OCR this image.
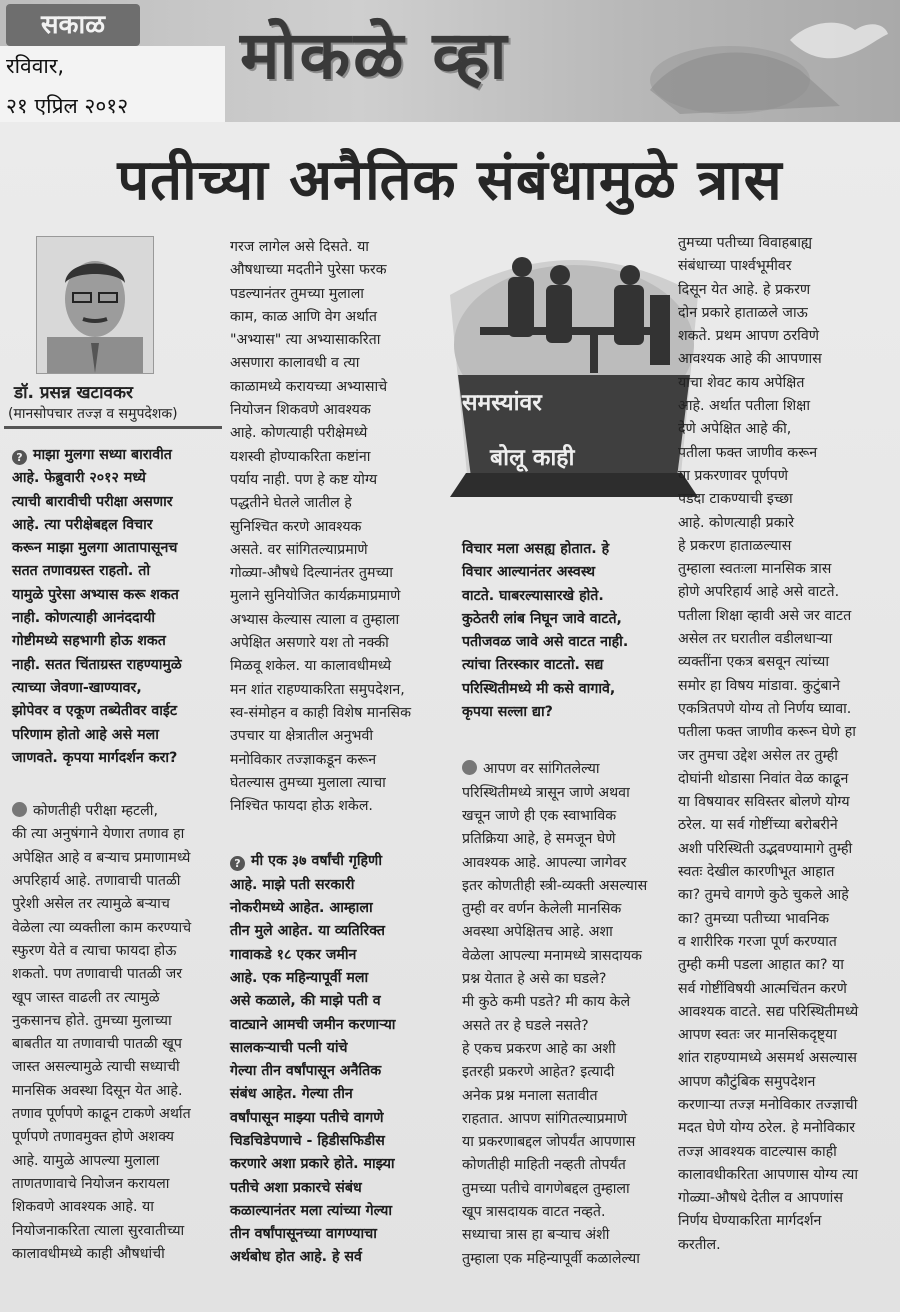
सकाळ	मोकळे व्हा
रविवार,
२१ एप्रिल २०१२
पतीच्या अनैतिक संबंधामुळे त्रास
डॉ. प्रसन्न खटावकर
(मानसोपचार तज्ज्ञ व समुपदेशक)
? माझा मुलगा सध्या बारावीत
आहे. फेब्रुवारी २०१२ मध्ये
त्याची बारावीची परीक्षा असणार
आहे. त्या परीक्षेबद्दल विचार
करून माझा मुलगा आतापासूनच
सतत तणावग्रस्त राहतो. तो
यामुळे पुरेसा अभ्यास करू शकत
नाही. कोणत्याही आनंददायी
गोष्टीमध्ये सहभागी होऊ शकत
नाही. सतत चिंताग्रस्त राहण्यामुळे
त्याच्या जेवणा-खाण्यावर,
झोपेवर व एकूण तब्येतीवर वाईट
परिणाम होतो आहे असे मला
जाणवते. कृपया मार्गदर्शन करा?
कोणतीही परीक्षा म्हटली,
की त्या अनुषंगाने येणारा तणाव हा
अपेक्षित आहे व बऱ्याच प्रमाणामध्ये
अपरिहार्य आहे. तणावाची पातळी
पुरेशी असेल तर त्यामुळे बऱ्याच
वेळेला त्या व्यक्तीला काम करण्याचे
स्फुरण येते व त्याचा फायदा होऊ
शकतो. पण तणावाची पातळी जर
खूप जास्त वाढली तर त्यामुळे
नुकसानच होते. तुमच्या मुलाच्या
बाबतीत या तणावाची पातळी खूप
जास्त असल्यामुळे त्याची सध्याची
मानसिक अवस्था दिसून येत आहे.
तणाव पूर्णपणे काढून टाकणे अर्थात
पूर्णपणे तणावमुक्त होणे अशक्य
आहे. यामुळे आपल्या मुलाला
ताणतणावाचे नियोजन करायला
शिकवणे आवश्यक आहे. या
नियोजनाकरिता त्याला सुरवातीच्या
कालावधीमध्ये काही औषधांची
गरज लागेल असे दिसते. या
औषधाच्या मदतीने पुरेसा फरक
पडल्यानंतर तुमच्या मुलाला
काम, काळ आणि वेग अर्थात
"अभ्यास" त्या अभ्यासाकरिता
असणारा कालावधी व त्या
काळामध्ये करायच्या अभ्यासाचे
नियोजन शिकवणे आवश्यक
आहे. कोणत्याही परीक्षेमध्ये
यशस्वी होण्याकरिता कष्टांना
पर्याय नाही. पण हे कष्ट योग्य
पद्धतीने घेतले जातील हे
सुनिश्चित करणे आवश्यक
असते. वर सांगितल्याप्रमाणे
गोळ्या-औषधे दिल्यानंतर तुमच्या
मुलाने सुनियोजित कार्यक्रमाप्रमाणे
अभ्यास केल्यास त्याला व तुम्हाला
अपेक्षित असणारे यश तो नक्की
मिळवू शकेल. या कालावधीमध्ये
मन शांत राहण्याकरिता समुपदेशन,
स्व-संमोहन व काही विशेष मानसिक
उपचार या क्षेत्रातील अनुभवी
मनोविकार तज्ज्ञाकडून करून
घेतल्यास तुमच्या मुलाला त्याचा
निश्चित फायदा होऊ शकेल.
? मी एक ३७ वर्षांची गृहिणी
आहे. माझे पती सरकारी
नोकरीमध्ये आहेत. आम्हाला
तीन मुले आहेत. या व्यतिरिक्त
गावाकडे १८ एकर जमीन
आहे. एक महिन्यापूर्वी मला
असे कळाले, की माझे पती व
वाट्याने आमची जमीन करणाऱ्या
सालकऱ्याची पत्नी यांचे
गेल्या तीन वर्षांपासून अनैतिक
संबंध आहेत. गेल्या तीन
वर्षांपासून माझ्या पतीचे वागणे
चिडचिडेपणाचे - हिडीसफिडीस
करणारे अशा प्रकारे होते. माझ्या
पतीचे अशा प्रकारचे संबंध
कळाल्यानंतर मला त्यांच्या गेल्या
तीन वर्षांपासूनच्या वागण्याचा
अर्थबोध होत आहे. हे सर्व
समस्यांवर
बोलू काही
विचार मला असह्य होतात. हे
विचार आल्यानंतर अस्वस्थ
वाटते. घाबरल्यासारखे होते.
कुठेतरी लांब निघून जावे वाटते,
पतीजवळ जावे असे वाटत नाही.
त्यांचा तिरस्कार वाटतो. सद्य
परिस्थितीमध्ये मी कसे वागावे,
कृपया सल्ला द्या?
आपण वर सांगितलेल्या
परिस्थितीमध्ये त्रासून जाणे अथवा
खचून जाणे ही एक स्वाभाविक
प्रतिक्रिया आहे, हे समजून घेणे
आवश्यक आहे. आपल्या जागेवर
इतर कोणतीही स्त्री-व्यक्ती असल्यास
तुम्ही वर वर्णन केलेली मानसिक
अवस्था अपेक्षितच आहे. अशा
वेळेला आपल्या मनामध्ये त्रासदायक
प्रश्न येतात हे असे का घडले?
मी कुठे कमी पडते? मी काय केले
असते तर हे घडले नसते?
हे एकच प्रकरण आहे का अशी
इतरही प्रकरणे आहेत? इत्यादी
अनेक प्रश्न मनाला सतावीत
राहतात. आपण सांगितल्याप्रमाणे
या प्रकरणाबद्दल जोपर्यंत आपणास
कोणतीही माहिती नव्हती तोपर्यंत
तुमच्या पतीचे वागणेबद्दल तुम्हाला
खूप त्रासदायक वाटत नव्हते.
सध्याचा त्रास हा बऱ्याच अंशी
तुम्हाला एक महिन्यापूर्वी कळालेल्या
तुमच्या पतीच्या विवाहबाह्य
संबंधाच्या पार्श्वभूमीवर
दिसून येत आहे. हे प्रकरण
दोन प्रकारे हाताळले जाऊ
शकते. प्रथम आपण ठरविणे
आवश्यक आहे की आपणास
याचा शेवट काय अपेक्षित
आहे. अर्थात पतीला शिक्षा
देणे अपेक्षित आहे की,
पतीला फक्त जाणीव करून
या प्रकरणावर पूर्णपणे
पडदा टाकण्याची इच्छा
आहे. कोणत्याही प्रकारे
हे प्रकरण हाताळल्यास
तुम्हाला स्वतःला मानसिक त्रास
होणे अपरिहार्य आहे असे वाटते.
पतीला शिक्षा व्हावी असे जर वाटत
असेल तर घरातील वडीलधाऱ्या
व्यक्तींना एकत्र बसवून त्यांच्या
समोर हा विषय मांडावा. कुटुंबाने
एकत्रितपणे योग्य तो निर्णय घ्यावा.
पतीला फक्त जाणीव करून घेणे हा
जर तुमचा उद्देश असेल तर तुम्ही
दोघांनी थोडासा निवांत वेळ काढून
या विषयावर सविस्तर बोलणे योग्य
ठरेल. या सर्व गोष्टींच्या बरोबरीने
अशी परिस्थिती उद्भवण्यामागे तुम्ही
स्वतः देखील कारणीभूत आहात
का? तुमचे वागणे कुठे चुकले आहे
का? तुमच्या पतीच्या भावनिक
व शारीरिक गरजा पूर्ण करण्यात
तुम्ही कमी पडला आहात का? या
सर्व गोष्टींविषयी आत्मचिंतन करणे
आवश्यक वाटते. सद्य परिस्थितीमध्ये
आपण स्वतः जर मानसिकदृष्ट्या
शांत राहण्यामध्ये असमर्थ असल्यास
आपण कौटुंबिक समुपदेशन
करणाऱ्या तज्ज्ञ मनोविकार तज्ज्ञाची
मदत घेणे योग्य ठरेल. हे मनोविकार
तज्ज्ञ आवश्यक वाटल्यास काही
कालावधीकरिता आपणास योग्य त्या
गोळ्या-औषधे देतील व आपणांस
निर्णय घेण्याकरिता मार्गदर्शन
करतील.
